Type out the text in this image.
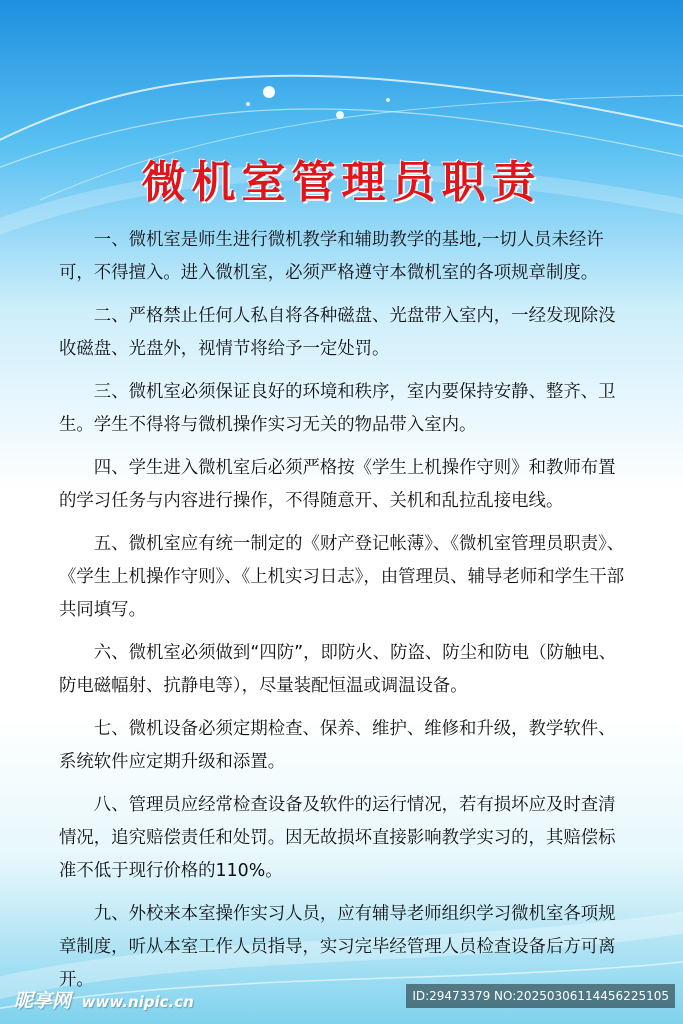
微机室管理员职责

一、微机室是师生进行微机教学和辅助教学的基地,一切人员未经许可，不得擅入。进入微机室，必须严格遵守本微机室的各项规章制度。

二、严格禁止任何人私自将各种磁盘、光盘带入室内，一经发现除没收磁盘、光盘外，视情节将给予一定处罚。

三、微机室必须保证良好的环境和秩序，室内要保持安静、整齐、卫生。学生不得将与微机操作实习无关的物品带入室内。

四、学生进入微机室后必须严格按《学生上机操作守则》和教师布置的学习任务与内容进行操作，不得随意开、关机和乱拉乱接电线。

五、微机室应有统一制定的《财产登记帐薄》、《微机室管理员职责》、《学生上机操作守则》、《上机实习日志》，由管理员、辅导老师和学生干部共同填写。

六、微机室必须做到“四防”，即防火、防盗、防尘和防电（防触电、防电磁幅射、抗静电等），尽量装配恒温或调温设备。

七、微机设备必须定期检查、保养、维护、维修和升级，教学软件、系统软件应定期升级和添置。

八、管理员应经常检查设备及软件的运行情况，若有损坏应及时查清情况，追究赔偿责任和处罚。因无故损坏直接影响教学实习的，其赔偿标准不低于现行价格的110%。

九、外校来本室操作实习人员，应有辅导老师组织学习微机室各项规章制度，听从本室工作人员指导，实习完毕经管理人员检查设备后方可离开。

昵享网 www.nipic.cn	ID:29473379 NO:20250306114456225105
